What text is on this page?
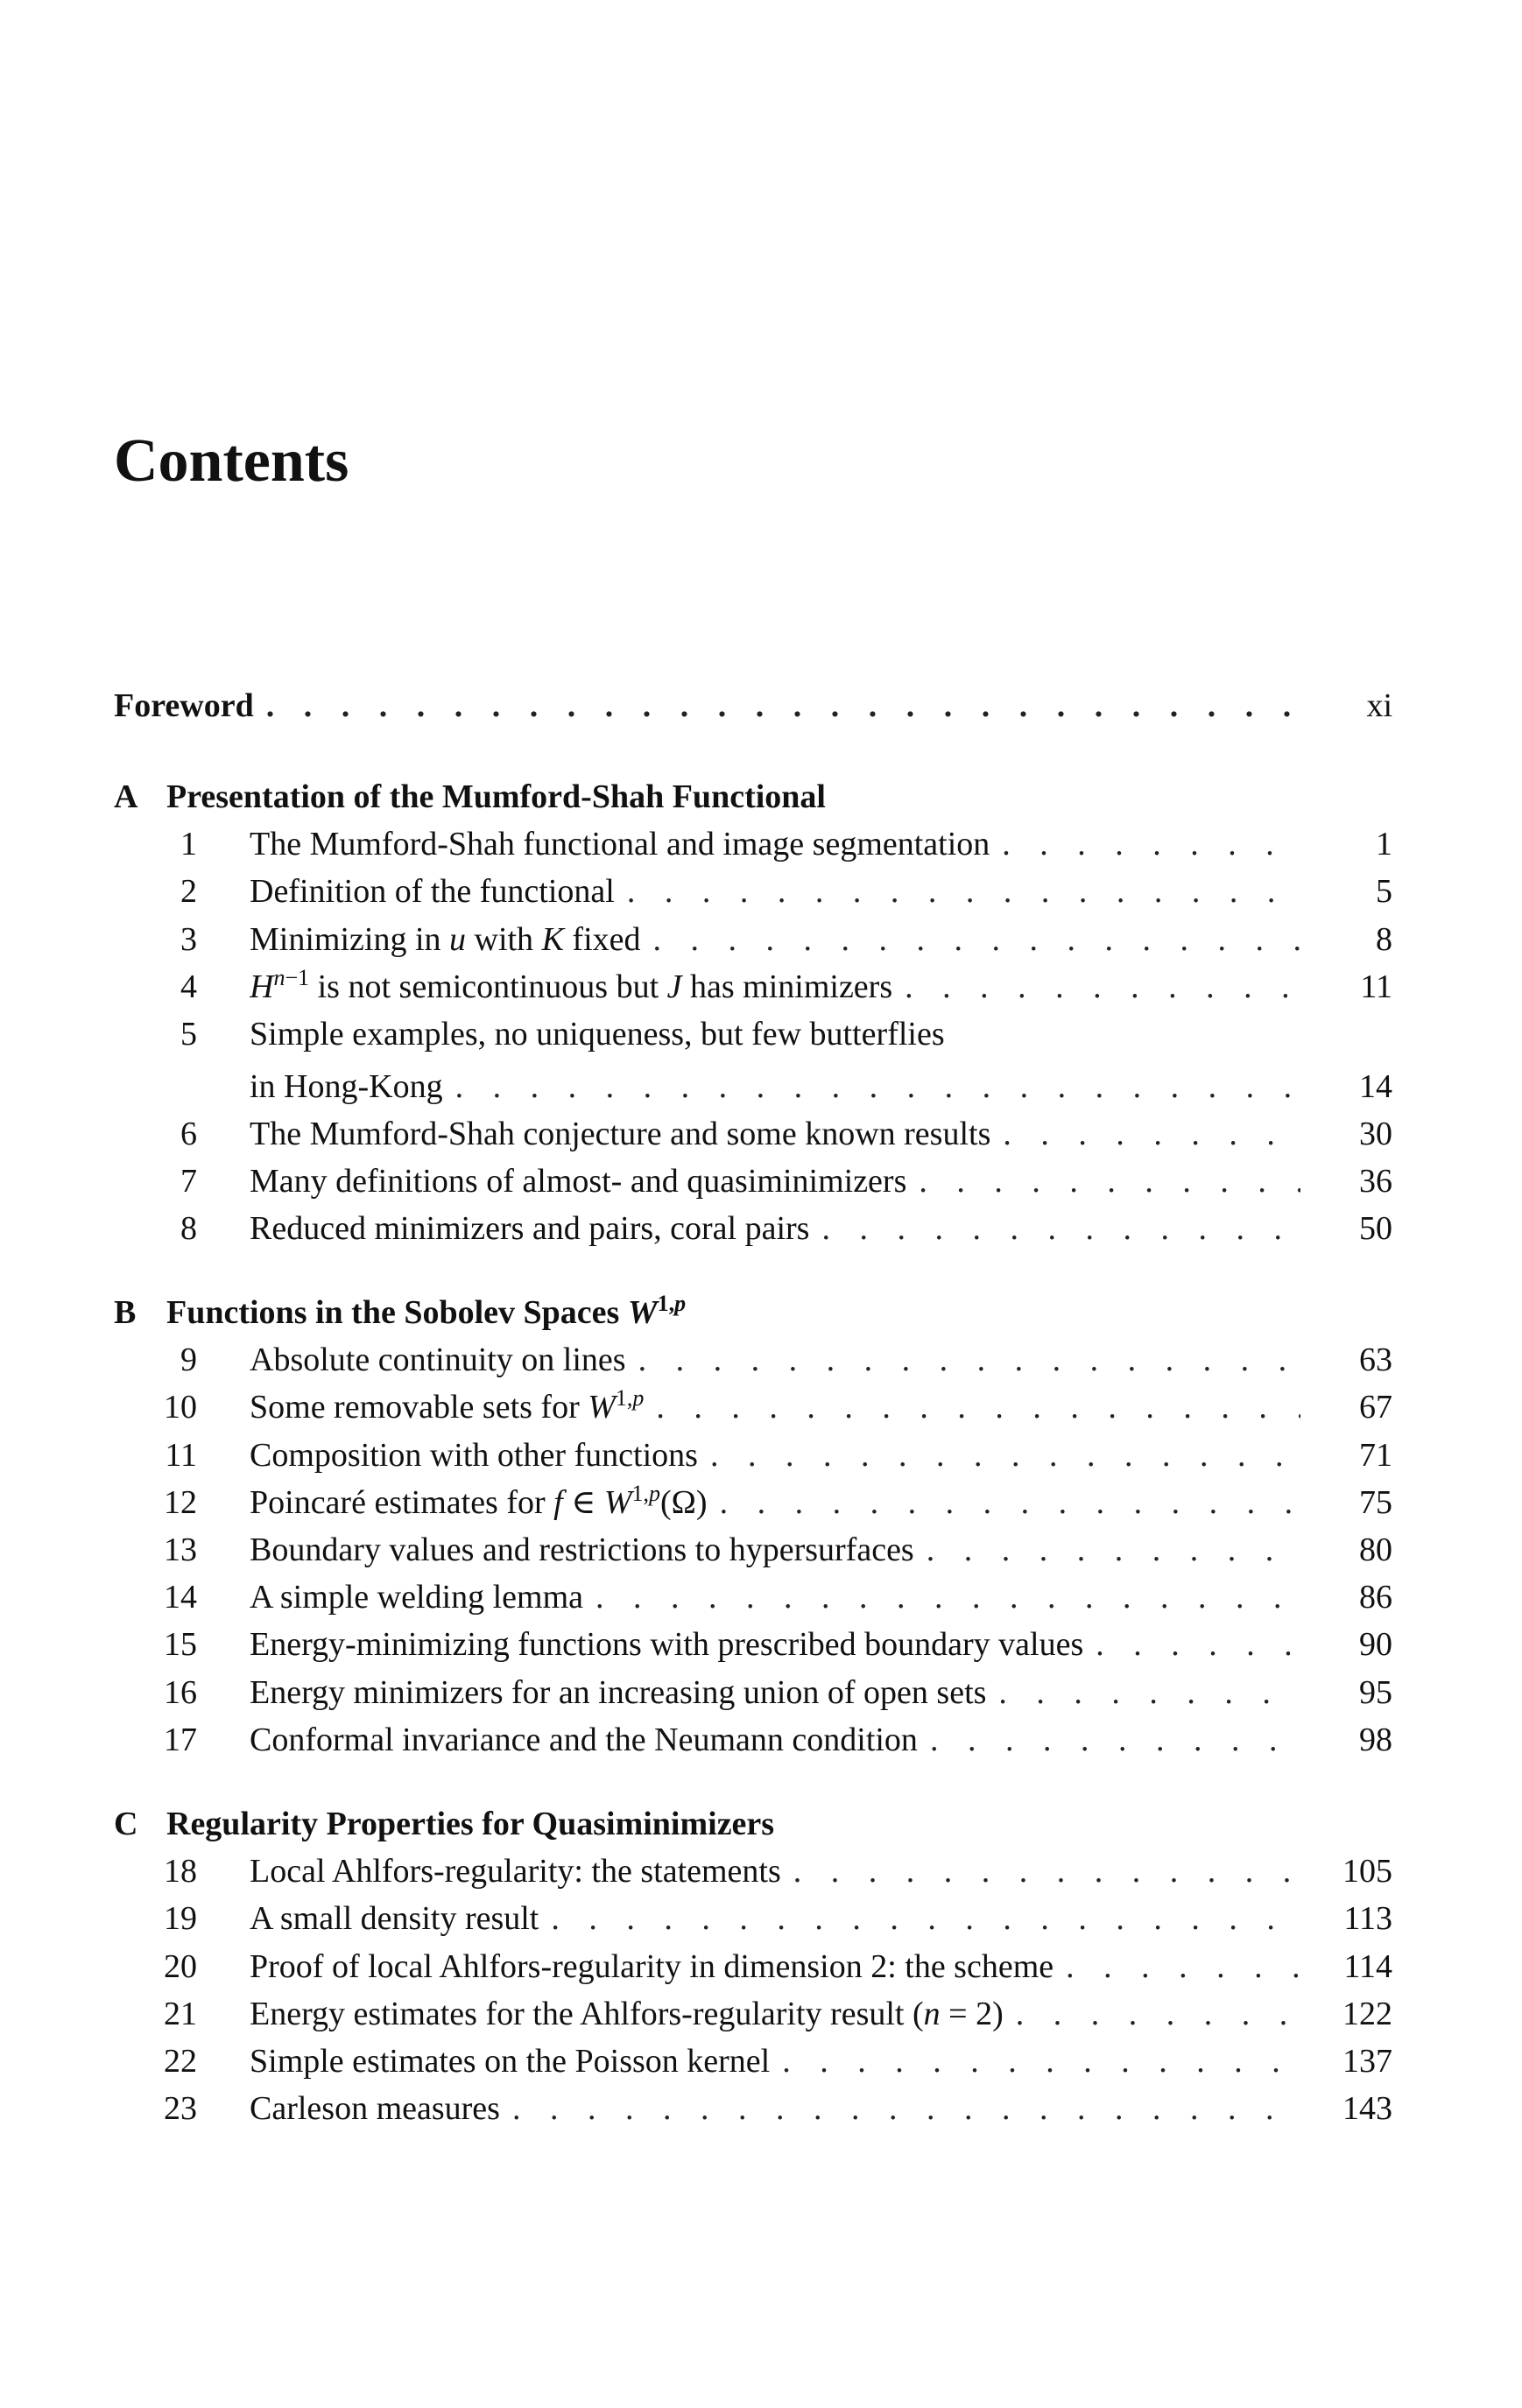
Contents
Foreword . . .	xi
A Presentation of the Mumford-Shah Functional
1 The Mumford-Shah functional and image segmentation . . .	1
2 Definition of the functional . . .	5
3 Minimizing in u with K fixed . . .	8
4 $H^{n-1}$ is not semicontinuous but J has minimizers . . .	11
5 Simple examples, no uniqueness, but few butterflies
in Hong-Kong . . .	14
6 The Mumford-Shah conjecture and some known results . . .	30
7 Many definitions of almost- and quasiminimizers . . .	36
8 Reduced minimizers and pairs, coral pairs . . .	50
B Functions in the Sobolev Spaces W$^{1,p}$
9 Absolute continuity on lines . . .	63
10 Some removable sets for W$^{1,p}$ . . .	67
11 Composition with other functions . . .	71
12 Poincaré estimates for f ∈ W$^{1,p}$(Ω) . . .	75
13 Boundary values and restrictions to hypersurfaces . . .	80
14 A simple welding lemma . . .	86
15 Energy-minimizing functions with prescribed boundary values . . .	90
16 Energy minimizers for an increasing union of open sets . . .	95
17 Conformal invariance and the Neumann condition . . .	98
C Regularity Properties for Quasiminimizers
18 Local Ahlfors-regularity: the statements . . .	105
19 A small density result . . .	113
20 Proof of local Ahlfors-regularity in dimension 2: the scheme . . .	114
21 Energy estimates for the Ahlfors-regularity result (n = 2) . . .	122
22 Simple estimates on the Poisson kernel . . .	137
23 Carleson measures . . .	143
